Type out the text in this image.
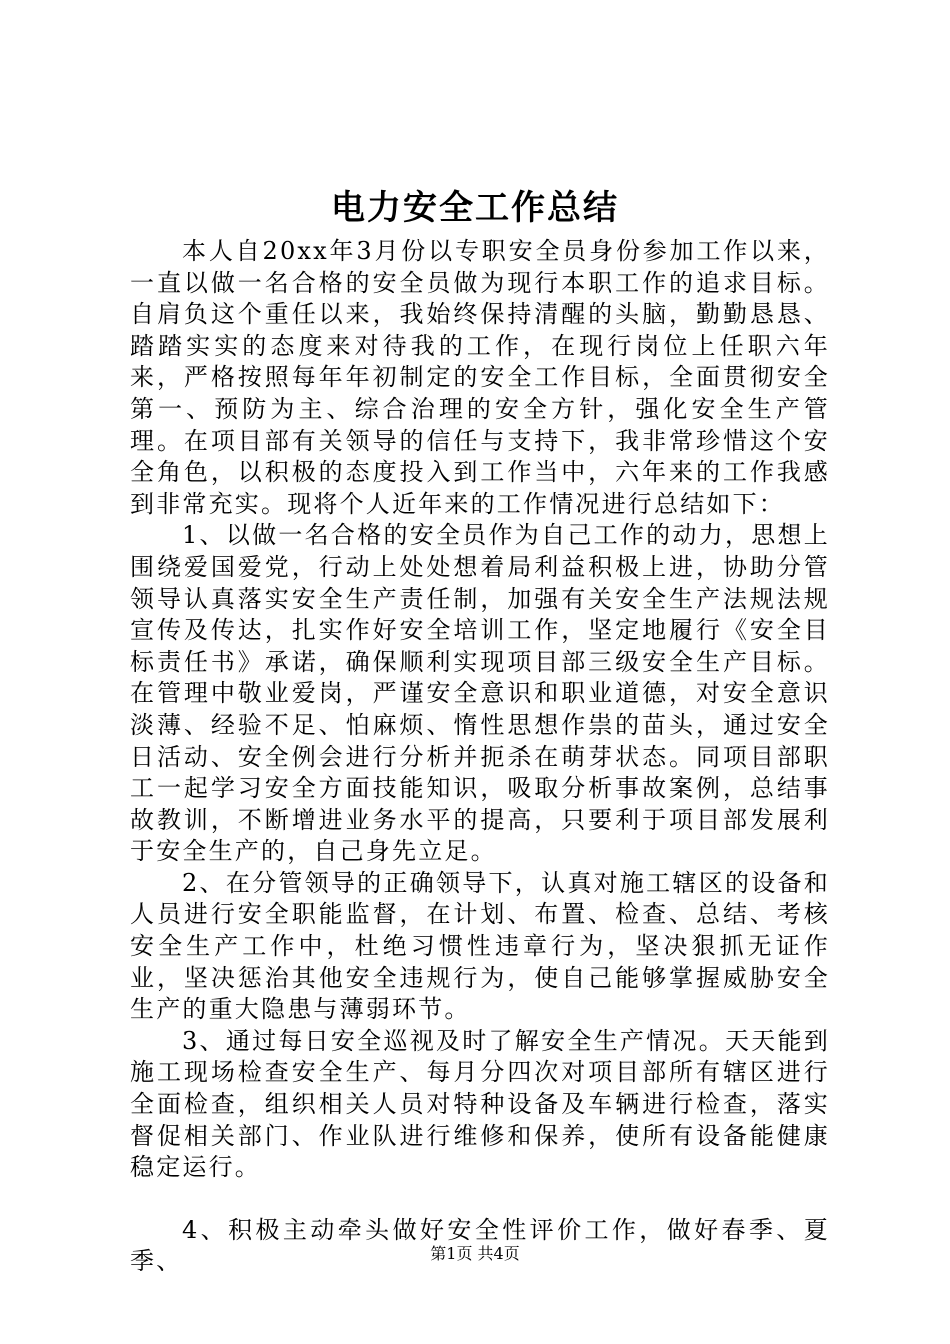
电力安全工作总结

本人自20xx年3月份以专职安全员身份参加工作以来，一直以做一名合格的安全员做为现行本职工作的追求目标。自肩负这个重任以来，我始终保持清醒的头脑，勤勤恳恳、踏踏实实的态度来对待我的工作，在现行岗位上任职六年来，严格按照每年年初制定的安全工作目标，全面贯彻安全第一、预防为主、综合治理的安全方针，强化安全生产管理。在项目部有关领导的信任与支持下，我非常珍惜这个安全角色，以积极的态度投入到工作当中，六年来的工作我感到非常充实。现将个人近年来的工作情况进行总结如下：

1、以做一名合格的安全员作为自己工作的动力，思想上围绕爱国爱党，行动上处处想着局利益积极上进，协助分管领导认真落实安全生产责任制，加强有关安全生产法规法规宣传及传达，扎实作好安全培训工作，坚定地履行《安全目标责任书》承诺，确保顺利实现项目部三级安全生产目标。在管理中敬业爱岗，严谨安全意识和职业道德，对安全意识淡薄、经验不足、怕麻烦、惰性思想作祟的苗头，通过安全日活动、安全例会进行分析并扼杀在萌芽状态。同项目部职工一起学习安全方面技能知识，吸取分析事故案例，总结事故教训，不断增进业务水平的提高，只要利于项目部发展利于安全生产的，自己身先立足。

2、在分管领导的正确领导下，认真对施工辖区的设备和人员进行安全职能监督，在计划、布置、检查、总结、考核安全生产工作中，杜绝习惯性违章行为，坚决狠抓无证作业，坚决惩治其他安全违规行为，使自己能够掌握威胁安全生产的重大隐患与薄弱环节。

3、通过每日安全巡视及时了解安全生产情况。天天能到施工现场检查安全生产、每月分四次对项目部所有辖区进行全面检查，组织相关人员对特种设备及车辆进行检查，落实督促相关部门、作业队进行维修和保养，使所有设备能健康稳定运行。

4、积极主动牵头做好安全性评价工作，做好春季、夏季、	第1页 共4页
